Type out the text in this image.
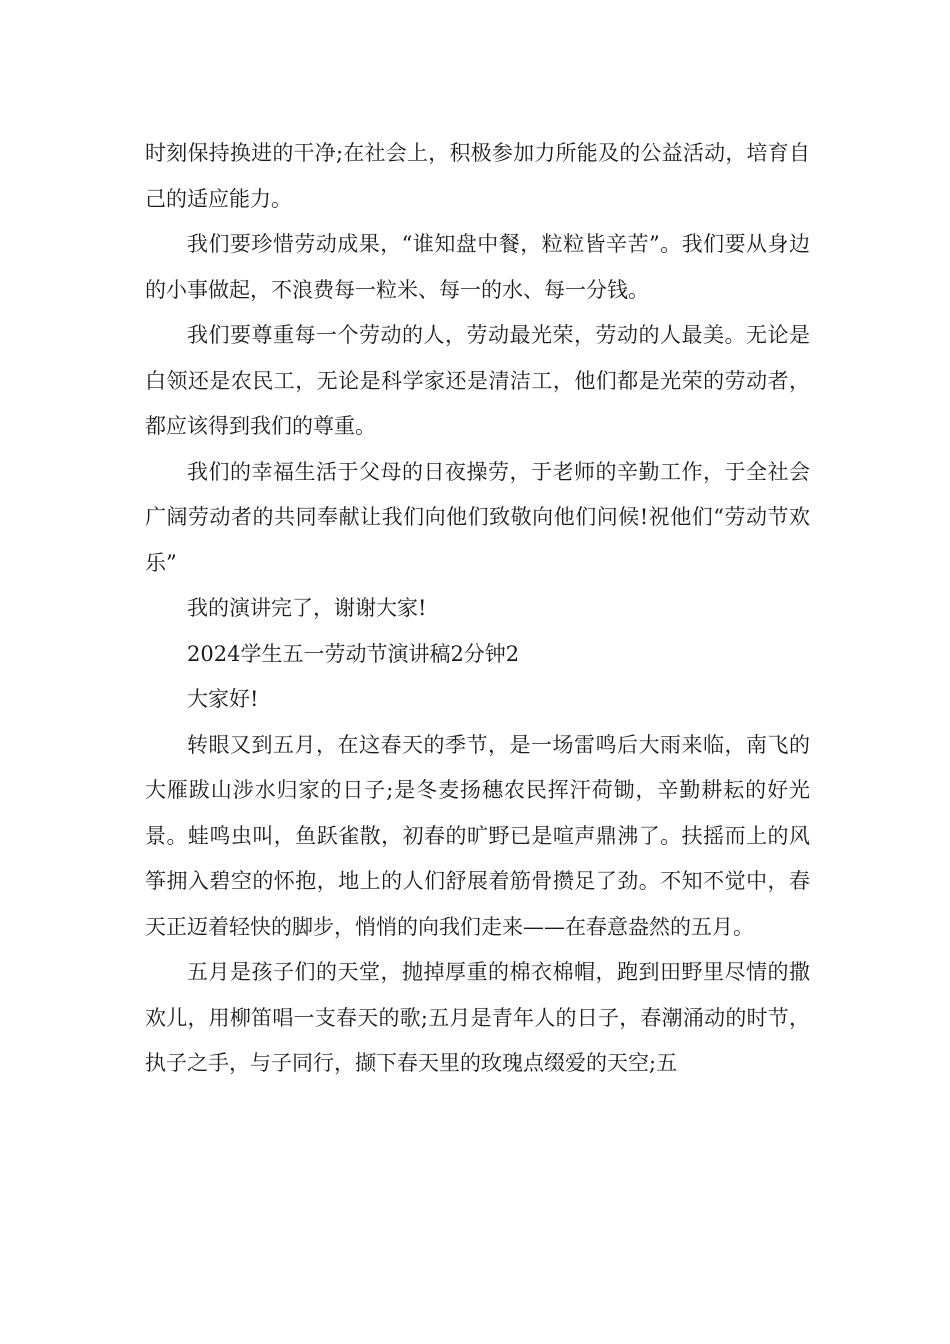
时刻保持换进的干净;在社会上，积极参加力所能及的公益活动，培育自己的适应能力。

我们要珍惜劳动成果，“谁知盘中餐，粒粒皆辛苦”。我们要从身边的小事做起，不浪费每一粒米、每一的水、每一分钱。

我们要尊重每一个劳动的人，劳动最光荣，劳动的人最美。无论是白领还是农民工，无论是科学家还是清洁工，他们都是光荣的劳动者，都应该得到我们的尊重。

我们的幸福生活于父母的日夜操劳，于老师的辛勤工作，于全社会广阔劳动者的共同奉献让我们向他们致敬向他们问候!祝他们“劳动节欢乐”

我的演讲完了，谢谢大家!

2024学生五一劳动节演讲稿2分钟2

大家好!

转眼又到五月，在这春天的季节，是一场雷鸣后大雨来临，南飞的大雁跋山涉水归家的日子;是冬麦扬穗农民挥汗荷锄，辛勤耕耘的好光景。蛙鸣虫叫，鱼跃雀散，初春的旷野已是喧声鼎沸了。扶摇而上的风筝拥入碧空的怀抱，地上的人们舒展着筋骨攒足了劲。不知不觉中，春天正迈着轻快的脚步，悄悄的向我们走来——在春意盎然的五月。

五月是孩子们的天堂，抛掉厚重的棉衣棉帽，跑到田野里尽情的撒欢儿，用柳笛唱一支春天的歌;五月是青年人的日子，春潮涌动的时节，执子之手，与子同行，撷下春天里的玫瑰点缀爱的天空;五
